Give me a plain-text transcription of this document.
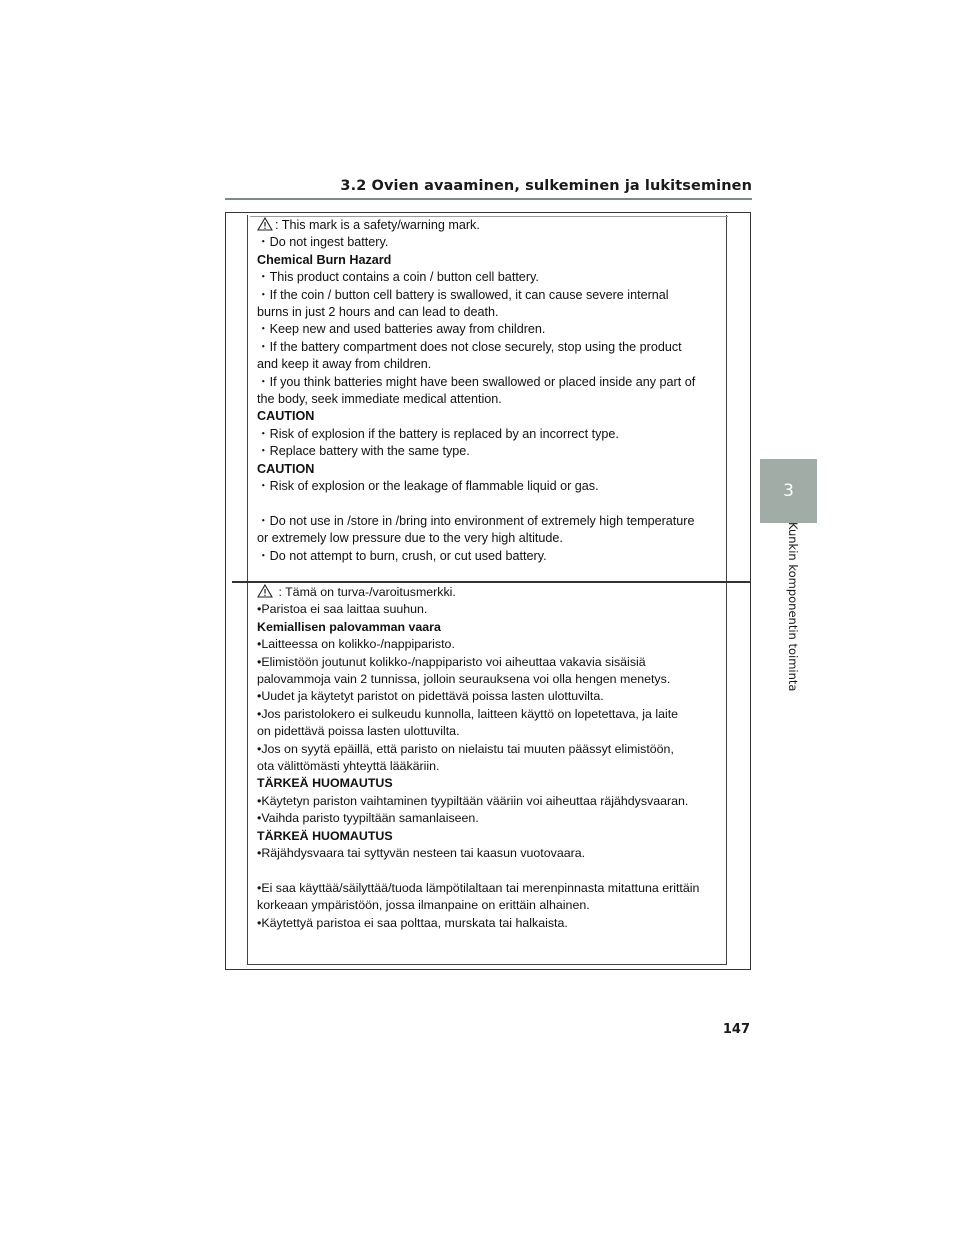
3.2 Ovien avaaminen, sulkeminen ja lukitseminen
3
Kunkin komponentin toiminta
: This mark is a safety/warning mark.
・Do not ingest battery.
Chemical Burn Hazard
・This product contains a coin / button cell battery.
・If the coin / button cell battery is swallowed, it can cause severe internal
burns in just 2 hours and can lead to death.
・Keep new and used batteries away from children.
・If the battery compartment does not close securely, stop using the product
and keep it away from children.
・If you think batteries might have been swallowed or placed inside any part of
the body, seek immediate medical attention.
CAUTION
・Risk of explosion if the battery is replaced by an incorrect type.
・Replace battery with the same type.
CAUTION
・Risk of explosion or the leakage of flammable liquid or gas.
・Do not use in /store in /bring into environment of extremely high temperature
or extremely low pressure due to the very high altitude.
・Do not attempt to burn, crush, or cut used battery.
: Tämä on turva-/varoitusmerkki.
•Paristoa ei saa laittaa suuhun.
Kemiallisen palovamman vaara
•Laitteessa on kolikko-/nappiparisto.
•Elimistöön joutunut kolikko-/nappiparisto voi aiheuttaa vakavia sisäisiä
palovammoja vain 2 tunnissa, jolloin seurauksena voi olla hengen menetys.
•Uudet ja käytetyt paristot on pidettävä poissa lasten ulottuvilta.
•Jos paristolokero ei sulkeudu kunnolla, laitteen käyttö on lopetettava, ja laite
on pidettävä poissa lasten ulottuvilta.
•Jos on syytä epäillä, että paristo on nielaistu tai muuten päässyt elimistöön,
ota välittömästi yhteyttä lääkäriin.
TÄRKEÄ HUOMAUTUS
•Käytetyn pariston vaihtaminen tyypiltään vääriin voi aiheuttaa räjähdysvaaran.
•Vaihda paristo tyypiltään samanlaiseen.
TÄRKEÄ HUOMAUTUS
•Räjähdysvaara tai syttyvän nesteen tai kaasun vuotovaara.
•Ei saa käyttää/säilyttää/tuoda lämpötilaltaan tai merenpinnasta mitattuna erittäin
korkeaan ympäristöön, jossa ilmanpaine on erittäin alhainen.
•Käytettyä paristoa ei saa polttaa, murskata tai halkaista.
147
